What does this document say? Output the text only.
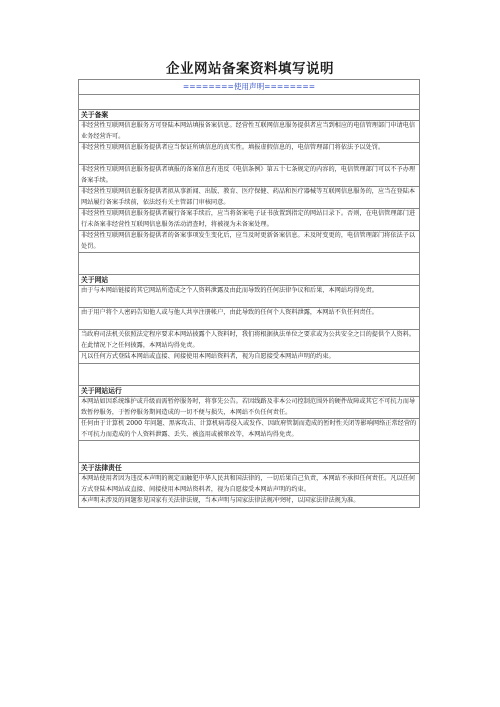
企业网站备案资料填写说明
========使用声明========
关于备案
非经营性互联网信息服务方可登陆本网站填报备案信息。经营性互联网信息服务提供者应当到相应的电信管理部门申请电信业务经营许可。
非经营性互联网信息服务提供者应当保证所填信息的真实性。填报虚假信息的，电信管理部门将依法予以处罚。
非经营性互联网信息服务提供者填报的备案信息有违反《电信条例》第五十七条规定的内容的，电信管理部门可以不予办理备案手续。
非经营性互联网信息服务提供者拟从事新闻、出版、教育、医疗保健、药品和医疗器械等互联网信息服务的，应当在登陆本网站履行备案手续前，依法经有关主管部门审核同意。
非经营性互联网信息服务提供者履行备案手续后，应当将备案电子证书放置到指定的网站目录下。否则，在电信管理部门进行未备案非经营性互联网信息服务活动清查时，将被视为未备案处理。
非经营性互联网信息服务提供者的备案事项发生变化后，应当及时更新备案信息。未及时变更的，电信管理部门将依法予以处罚。
关于网站
由于与本网站链接的其它网站所造成之个人资料泄露及由此而导致的任何法律争议和后果，本网站均得免责。
由于用户将个人密码告知他人或与他人共享注册帐户，由此导致的任何个人资料泄露，本网站不负任何责任。
当政府司法机关依照法定程序要求本网站披露个人资料时，我们将根据执法单位之要求或为公共安全之目的提供个人资料。在此情况下之任何披露，本网站均得免责。
凡以任何方式登陆本网站或直接、间接使用本网站资料者，视为自愿接受本网站声明的约束。
关于网站运行
本网站如因系统维护或升级而需暂停服务时，将事先公告。若因线路及非本公司控制范围外的硬件故障或其它不可抗力而导致暂停服务，于暂停服务期间造成的一切不便与损失，本网站不负任何责任。
任何由于计算机 2000 年问题、黑客攻击、计算机病毒侵入或发作、因政府管制而造成的暂时性关闭等影响网络正常经营的不可抗力而造成的个人资料泄露、丢失、被盗用或被窜改等，本网站均得免责。
关于法律责任
本网站使用者因为违反本声明的规定而触犯中华人民共和国法律的，一切后果自己负责，本网站不承担任何责任。凡以任何方式登陆本网站或直接、间接使用本网站资料者，视为自愿接受本网站声明的约束。
本声明未涉及的问题参见国家有关法律法规，当本声明与国家法律法规冲突时，以国家法律法规为准。
